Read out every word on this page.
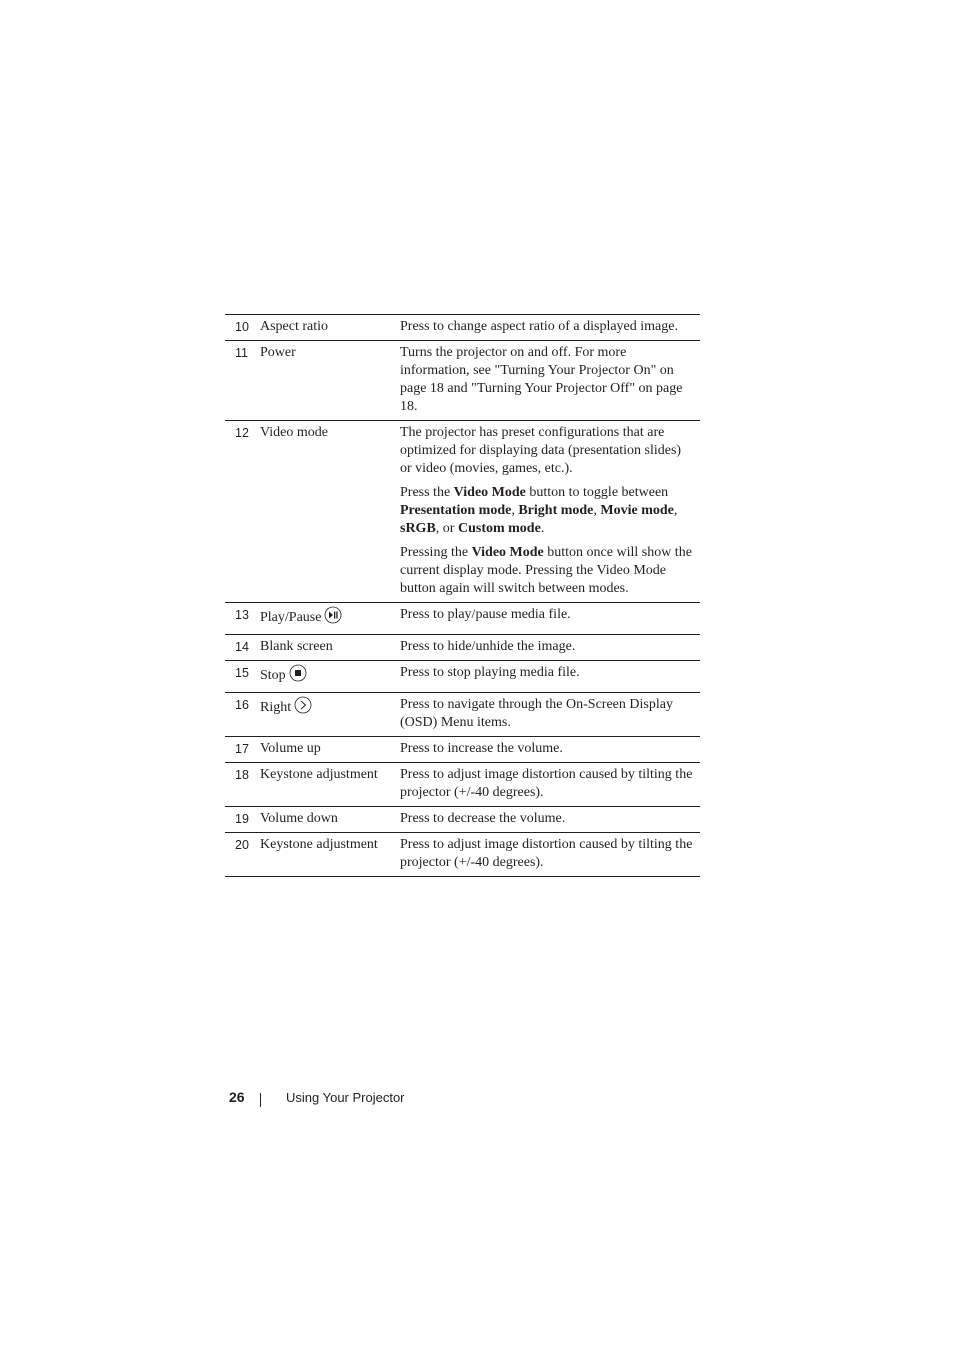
10 Aspect ratio	Press to change aspect ratio of a displayed image.
11 Power	Turns the projector on and off. For more information, see "Turning Your Projector On" on page 18 and "Turning Your Projector Off" on page 18.
12 Video mode	The projector has preset configurations that are optimized for displaying data (presentation slides) or video (movies, games, etc.).

Press the Video Mode button to toggle between Presentation mode, Bright mode, Movie mode, sRGB, or Custom mode.

Pressing the Video Mode button once will show the current display mode. Pressing the Video Mode button again will switch between modes.

13 Play/Pause	Press to play/pause media file.
14 Blank screen	Press to hide/unhide the image.
15 Stop	Press to stop playing media file.
16 Right	Press to navigate through the On-Screen Display (OSD) Menu items.
17 Volume up	Press to increase the volume.
18 Keystone adjustment	Press to adjust image distortion caused by tilting the projector (+/-40 degrees).
19 Volume down	Press to decrease the volume.
20 Keystone adjustment	Press to adjust image distortion caused by tilting the projector (+/-40 degrees).
26	Using Your Projector
